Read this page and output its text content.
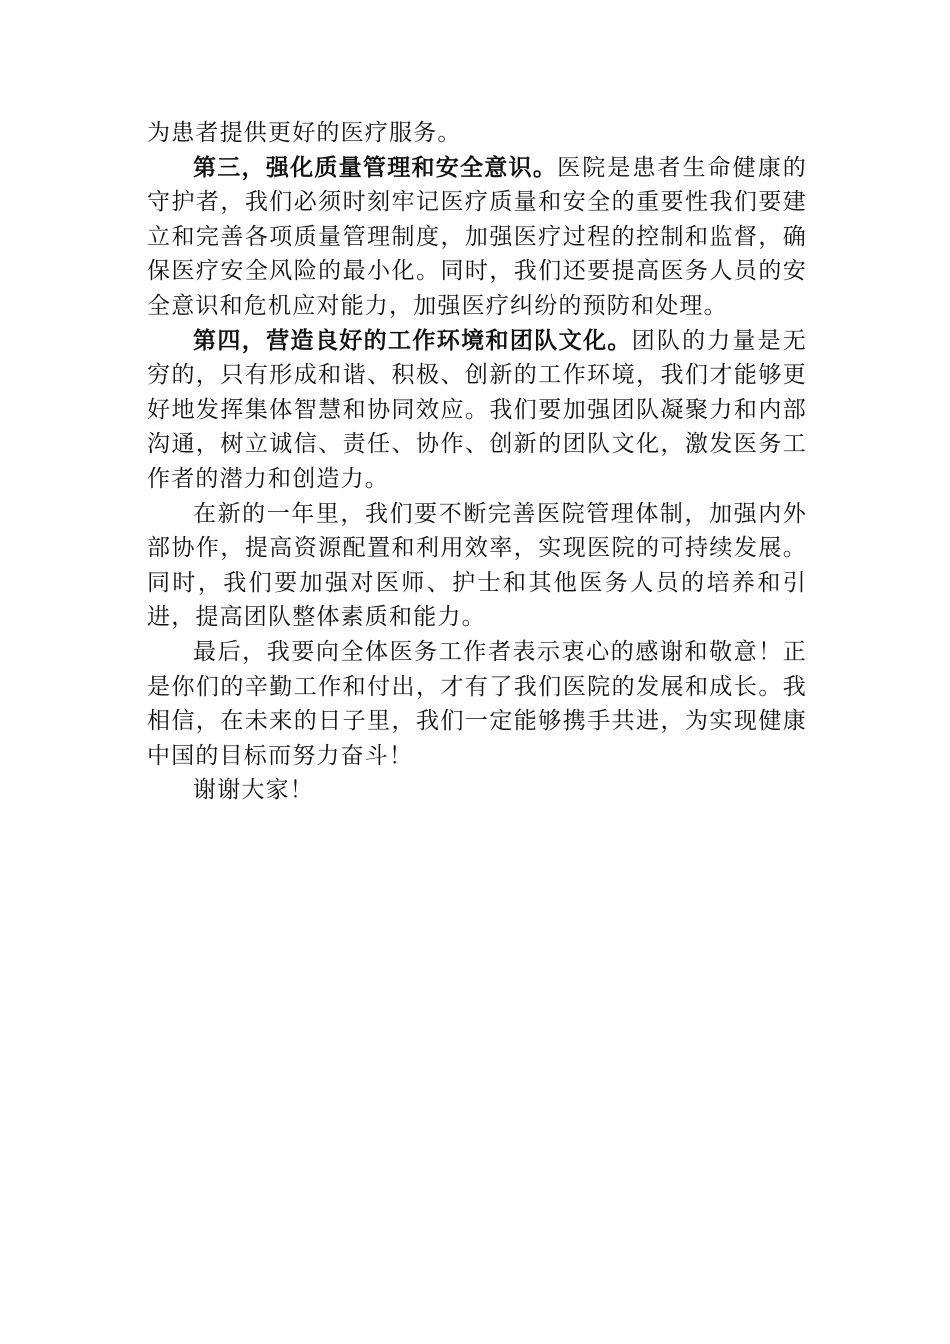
为患者提供更好的医疗服务。

第三，强化质量管理和安全意识。医院是患者生命健康的守护者，我们必须时刻牢记医疗质量和安全的重要性我们要建立和完善各项质量管理制度，加强医疗过程的控制和监督，确保医疗安全风险的最小化。同时，我们还要提高医务人员的安全意识和危机应对能力，加强医疗纠纷的预防和处理。

第四，营造良好的工作环境和团队文化。团队的力量是无穷的，只有形成和谐、积极、创新的工作环境，我们才能够更好地发挥集体智慧和协同效应。我们要加强团队凝聚力和内部沟通，树立诚信、责任、协作、创新的团队文化，激发医务工作者的潜力和创造力。

在新的一年里，我们要不断完善医院管理体制，加强内外部协作，提高资源配置和利用效率，实现医院的可持续发展。同时，我们要加强对医师、护士和其他医务人员的培养和引进，提高团队整体素质和能力。

最后，我要向全体医务工作者表示衷心的感谢和敬意！正是你们的辛勤工作和付出，才有了我们医院的发展和成长。我相信，在未来的日子里，我们一定能够携手共进，为实现健康中国的目标而努力奋斗！

谢谢大家！
